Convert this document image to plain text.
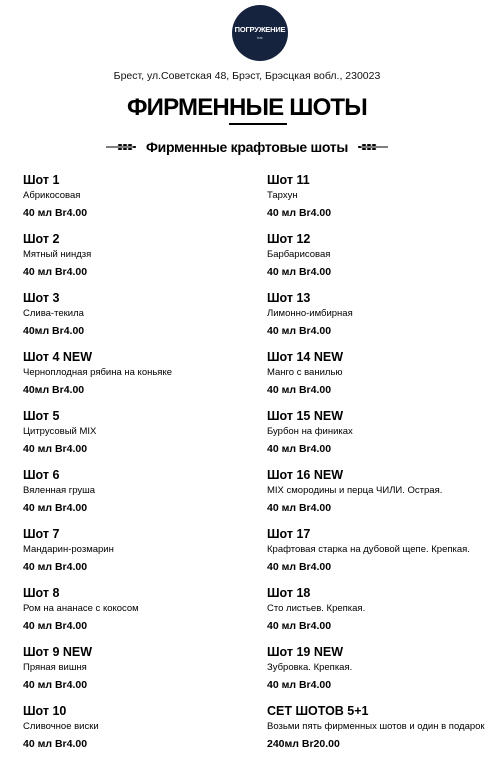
ПОГРУЖЕНИЕ
bar
Брест, ул.Советская 48, Брэст, Брэсцкая вобл., 230023
ФИРМЕННЫЕ ШОТЫ
Фирменные крафтовые шоты
Шот 1
Абрикосовая
40 мл Br4.00
Шот 2
Мятный ниндзя
40 мл Br4.00
Шот 3
Слива-текила
40мл Br4.00
Шот 4 NEW
Черноплодная рябина на коньяке
40мл Br4.00
Шот 5
Цитрусовый MIX
40 мл Br4.00
Шот 6
Вяленная груша
40 мл Br4.00
Шот 7
Мандарин-розмарин
40 мл Br4.00
Шот 8
Ром на ананасе с кокосом
40 мл Br4.00
Шот 9 NEW
Пряная вишня
40 мл Br4.00
Шот 10
Сливочное виски
40 мл Br4.00
Шот 11
Тархун
40 мл Br4.00
Шот 12
Барбарисовая
40 мл Br4.00
Шот 13
Лимонно-имбирная
40 мл Br4.00
Шот 14 NEW
Манго с ванилью
40 мл Br4.00
Шот 15 NEW
Бурбон на финиках
40 мл Br4.00
Шот 16 NEW
MIX смородины и перца ЧИЛИ. Острая.
40 мл Br4.00
Шот 17
Крафтовая старка на дубовой щепе. Крепкая.
40 мл Br4.00
Шот 18
Сто листьев. Крепкая.
40 мл Br4.00
Шот 19 NEW
Зубровка. Крепкая.
40 мл Br4.00
СЕТ ШОТОВ 5+1
Возьми пять фирменных шотов и один в подарок
240мл Br20.00
